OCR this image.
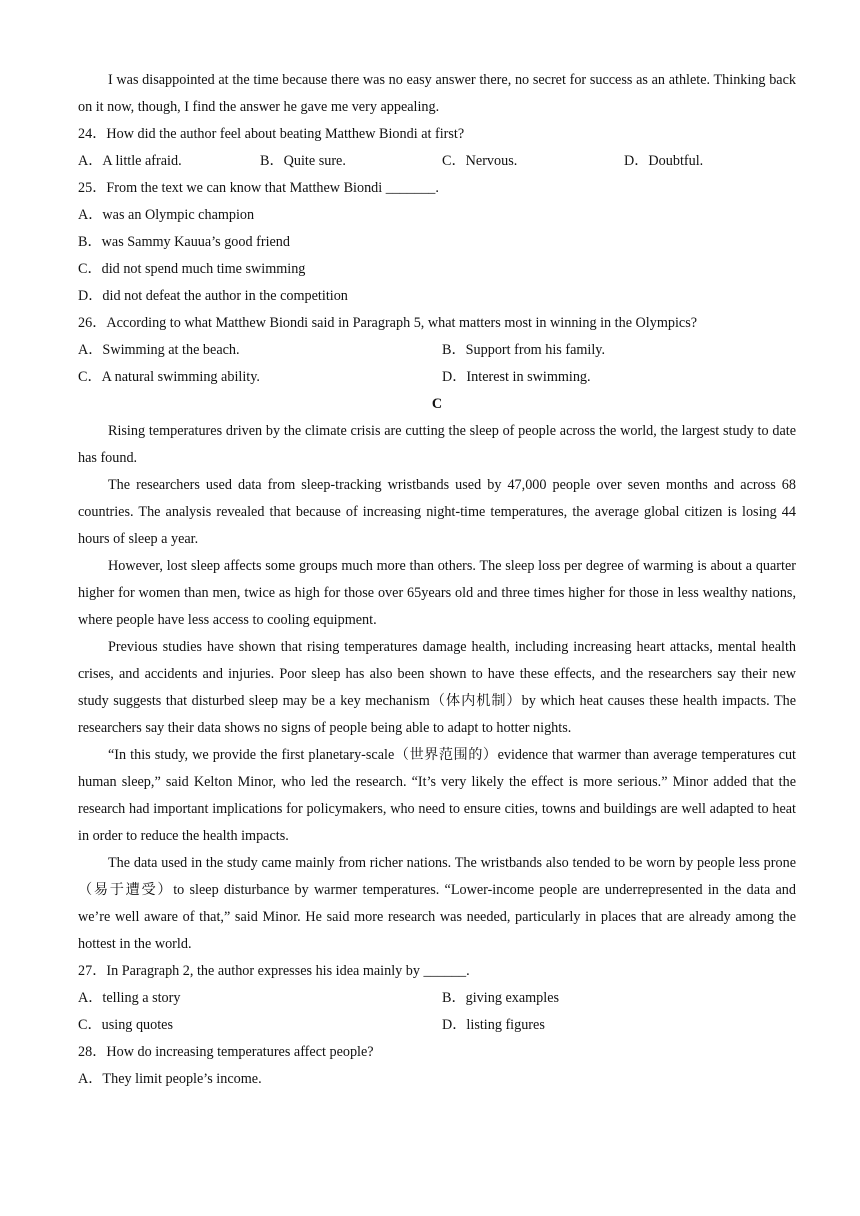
I was disappointed at the time because there was no easy answer there, no secret for success as an athlete. Thinking back on it now, though, I find the answer he gave me very appealing.

24．How did the author feel about beating Matthew Biondi at first?

A．A little afraid.	B．Quite sure.	C．Nervous.	D．Doubtful.

25．From the text we can know that Matthew Biondi _______.

A．was an Olympic champion

B．was Sammy Kauua’s good friend

C．did not spend much time swimming

D．did not defeat the author in the competition

26．According to what Matthew Biondi said in Paragraph 5, what matters most in winning in the Olympics?

A．Swimming at the beach.	B．Support from his family.
C．A natural swimming ability.	D．Interest in swimming.

C

Rising temperatures driven by the climate crisis are cutting the sleep of people across the world, the largest study to date has found.

The researchers used data from sleep-tracking wristbands used by 47,000 people over seven months and across 68 countries. The analysis revealed that because of increasing night-time temperatures, the average global citizen is losing 44 hours of sleep a year.

However, lost sleep affects some groups much more than others. The sleep loss per degree of warming is about a quarter higher for women than men, twice as high for those over 65years old and three times higher for those in less wealthy nations, where people have less access to cooling equipment.

Previous studies have shown that rising temperatures damage health, including increasing heart attacks, mental health crises, and accidents and injuries. Poor sleep has also been shown to have these effects, and the researchers say their new study suggests that disturbed sleep may be a key mechanism（体内机制）by which heat causes these health impacts. The researchers say their data shows no signs of people being able to adapt to hotter nights.

“In this study, we provide the first planetary-scale（世界范围的）evidence that warmer than average temperatures cut human sleep,” said Kelton Minor, who led the research. “It’s very likely the effect is more serious.” Minor added that the research had important implications for policymakers, who need to ensure cities, towns and buildings are well adapted to heat in order to reduce the health impacts.

The data used in the study came mainly from richer nations. The wristbands also tended to be worn by people less prone（易于遭受）to sleep disturbance by warmer temperatures. “Lower-income people are underrepresented in the data and we’re well aware of that,” said Minor. He said more research was needed, particularly in places that are already among the hottest in the world.

27．In Paragraph 2, the author expresses his idea mainly by ______.

A．telling a story	B．giving examples
C．using quotes	D．listing figures

28．How do increasing temperatures affect people?

A．They limit people’s income.
